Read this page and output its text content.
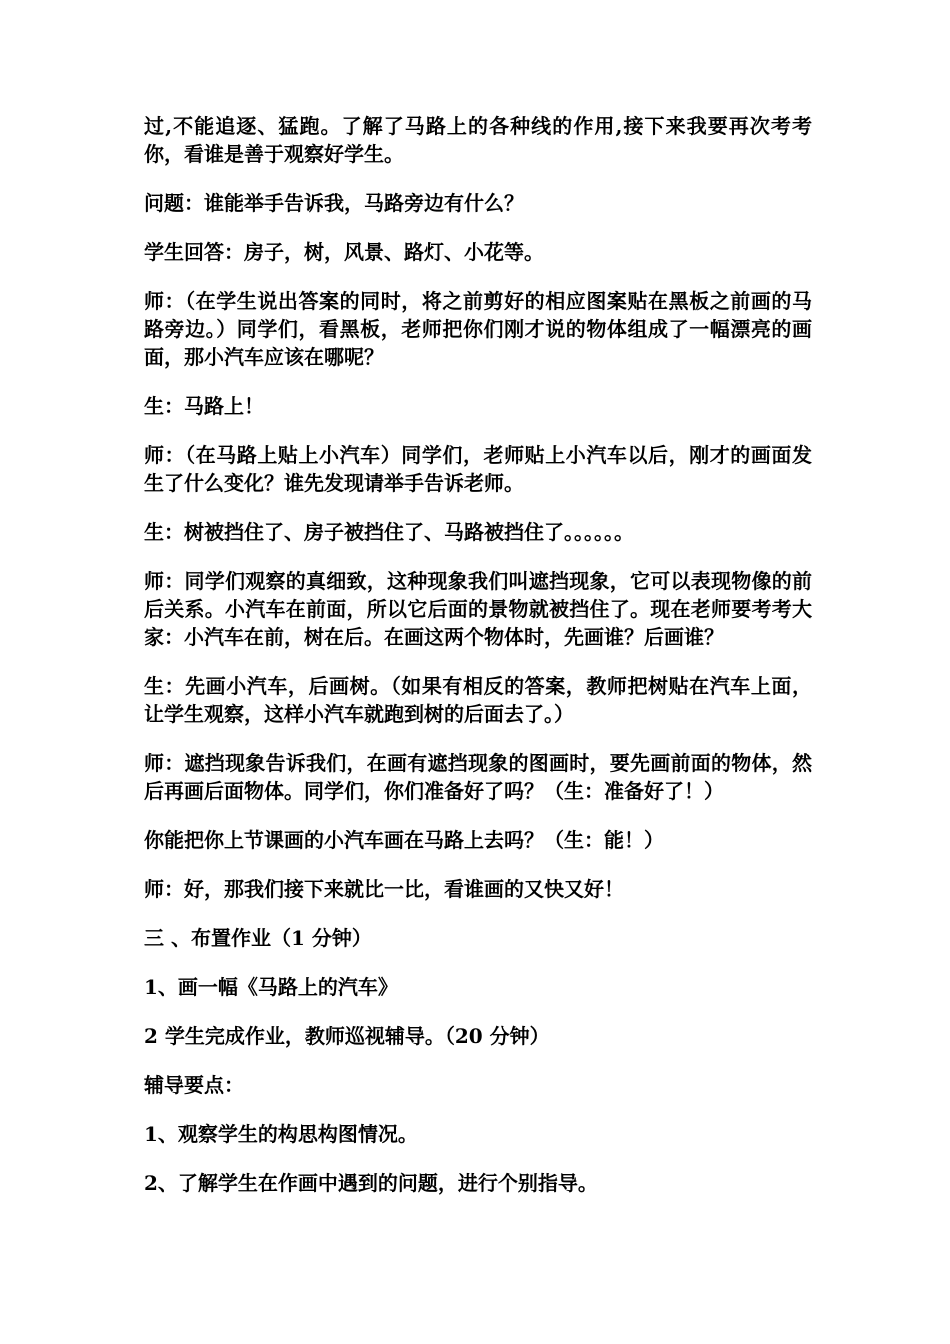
过,不能追逐、猛跑。了解了马路上的各种线的作用,接下来我要再次考考你，看谁是善于观察好学生。

问题：谁能举手告诉我，马路旁边有什么？

学生回答：房子，树，风景、路灯、小花等。

师：（在学生说出答案的同时，将之前剪好的相应图案贴在黑板之前画的马路旁边。）同学们，看黑板，老师把你们刚才说的物体组成了一幅漂亮的画面，那小汽车应该在哪呢？

生：马路上！

师：（在马路上贴上小汽车）同学们，老师贴上小汽车以后，刚才的画面发生了什么变化？谁先发现请举手告诉老师。

生：树被挡住了、房子被挡住了、马路被挡住了。。。。。。

师：同学们观察的真细致，这种现象我们叫遮挡现象，它可以表现物像的前后关系。小汽车在前面，所以它后面的景物就被挡住了。现在老师要考考大家：小汽车在前，树在后。在画这两个物体时，先画谁？后画谁？

生：先画小汽车，后画树。（如果有相反的答案，教师把树贴在汽车上面，让学生观察，这样小汽车就跑到树的后面去了。）

师：遮挡现象告诉我们，在画有遮挡现象的图画时，要先画前面的物体，然后再画后面物体。同学们，你们准备好了吗？（生：准备好了！）

你能把你上节课画的小汽车画在马路上去吗？（生：能！）

师：好，那我们接下来就比一比，看谁画的又快又好！

三 、布置作业（1 分钟）

1、画一幅《马路上的汽车》

2 学生完成作业，教师巡视辅导。（20 分钟）

辅导要点：

1、观察学生的构思构图情况。

2、了解学生在作画中遇到的问题，进行个别指导。
